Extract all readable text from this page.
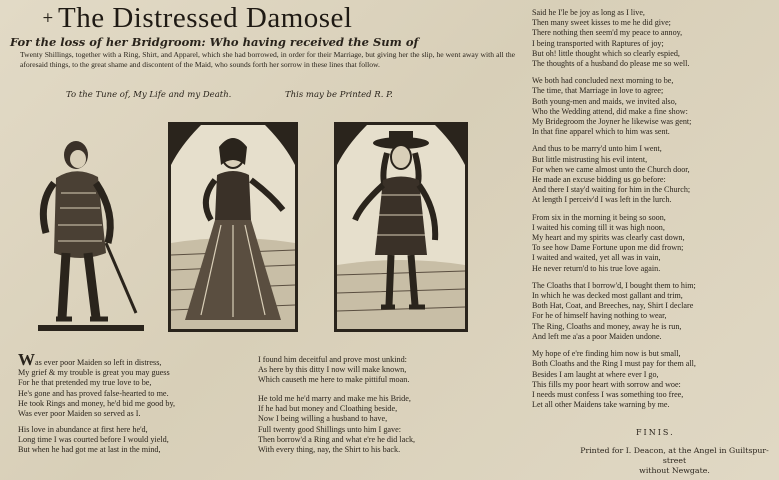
+ The Distressed Damosel
For the loss of her Bridgroom: Who having received the Sum of
Twenty Shillings, together with a Ring, Shirt, and Apparel, which she had borrowed, in order for their Marriage, but giving her the slip, he went away with all the aforesaid things, to the great shame and discontent of the Maid, who sounds forth her sorrow in these lines that follow.
To the Tune of, My Life and my Death.	This may be Printed R. P.
Was ever poor Maiden so left in distress,
My grief & my trouble is great you may guess
For he that pretended my true love to be,
He's gone and has proved false-hearted to me.
He took Rings and money, he'd bid me good by,
Was ever poor Maiden so served as I.
His love in abundance at first here he'd,
Long time I was courted before I would yield,
But when he had got me at last in the mind,
I found him deceitful and prove most unkind:
As here by this ditty I now will make known,
Which causeth me here to make pittiful moan.
He told me he'd marry and make me his Bride,
If he had but money and Cloathing beside,
Now I being willing a husband to have,
Full twenty good Shillings unto him I gave:
Then borrow'd a Ring and what e're he did lack,
With every thing, nay, the Shirt to his back.
Said he I'le be joy as long as I live,
Then many sweet kisses to me he did give;
There nothing then seem'd my peace to annoy,
I being transported with Raptures of joy;
But oh! little thought which so clearly espied,
The thoughts of a husband do please me so well.
We both had concluded next morning to be,
The time, that Marriage in love to agree;
Both young-men and maids, we invited also,
Who the Wedding attend, did make a fine show:
My Bridegroom the Joyner he likewise was gent;
In that fine apparel which to him was sent.
And thus to be marry'd unto him I went,
But little mistrusting his evil intent,
For when we came almost unto the Church door,
He made an excuse bidding us go before:
And there I stay'd waiting for him in the Church;
At length I perceiv'd I was left in the lurch.
From six in the morning it being so soon,
I waited his coming till it was high noon,
My heart and my spirits was clearly cast down,
To see how Dame Fortune upon me did frown;
I waited and waited, yet all was in vain,
He never return'd to his true love again.
The Cloaths that I borrow'd, I bought them to him;
In which he was decked most gallant and trim,
Both Hat, Coat, and Breeches, nay, Shirt I declare
For he of himself having nothing to wear,
The Ring, Cloaths and money, away he is run,
And left me a'as a poor Maiden undone.
My hope of e're finding him now is but small,
Both Cloaths and the Ring I must pay for them all,
Besides I am laught at where ever I go,
This fills my poor heart with sorrow and woe:
I needs must confess I was something too free,
Let all other Maidens take warning by me.
FINIS.
Printed for I. Deacon, at the Angel in Guiltspur-street
without Newgate.
